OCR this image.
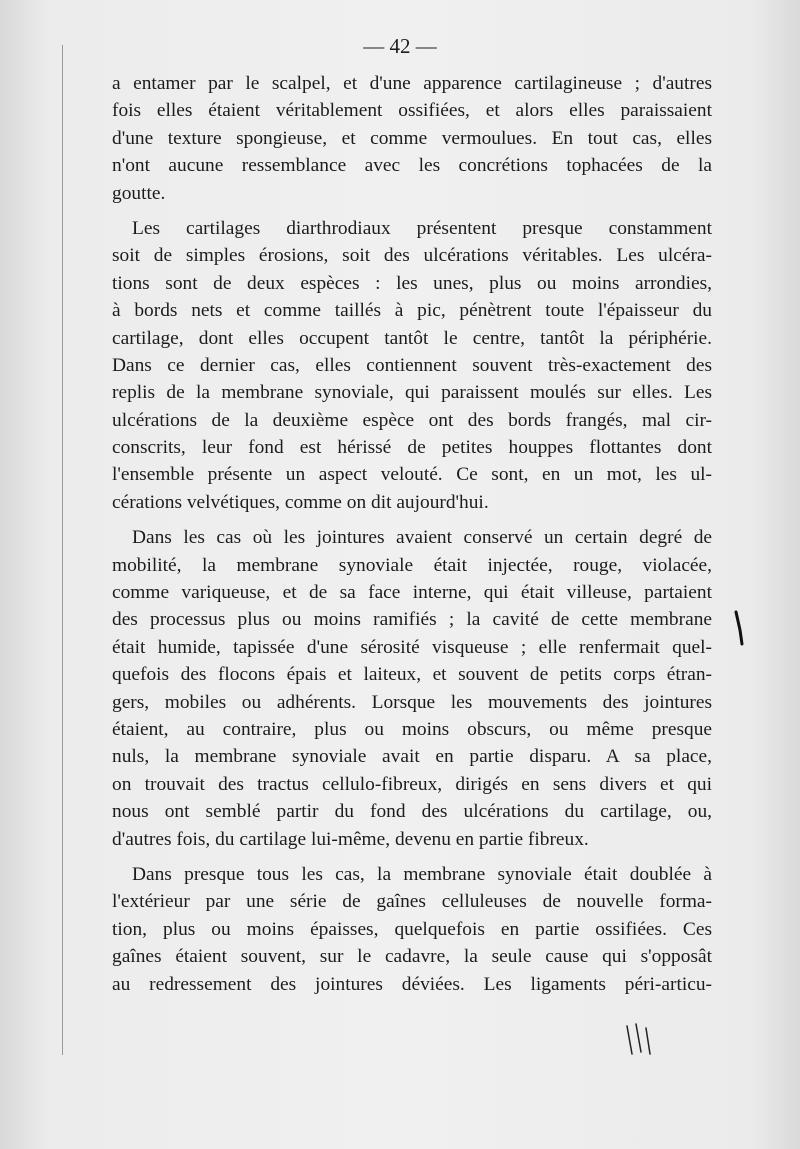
— 42 —
a entamer par le scalpel, et d'une apparence cartilagineuse ; d'autres
fois elles étaient véritablement ossifiées, et alors elles paraissaient
d'une texture spongieuse, et comme vermoulues. En tout cas, elles
n'ont aucune ressemblance avec les concrétions tophacées de la
goutte.
Les cartilages diarthrodiaux présentent presque constamment
soit de simples érosions, soit des ulcérations véritables. Les ulcéra-
tions sont de deux espèces : les unes, plus ou moins arrondies,
à bords nets et comme taillés à pic, pénètrent toute l'épaisseur du
cartilage, dont elles occupent tantôt le centre, tantôt la périphérie.
Dans ce dernier cas, elles contiennent souvent très-exactement des
replis de la membrane synoviale, qui paraissent moulés sur elles. Les
ulcérations de la deuxième espèce ont des bords frangés, mal cir-
conscrits, leur fond est hérissé de petites houppes flottantes dont
l'ensemble présente un aspect velouté. Ce sont, en un mot, les ul-
cérations velvétiques, comme on dit aujourd'hui.
Dans les cas où les jointures avaient conservé un certain degré de
mobilité, la membrane synoviale était injectée, rouge, violacée,
comme variqueuse, et de sa face interne, qui était villeuse, partaient
des processus plus ou moins ramifiés ; la cavité de cette membrane
était humide, tapissée d'une sérosité visqueuse ; elle renfermait quel-
quefois des flocons épais et laiteux, et souvent de petits corps étran-
gers, mobiles ou adhérents. Lorsque les mouvements des jointures
étaient, au contraire, plus ou moins obscurs, ou même presque
nuls, la membrane synoviale avait en partie disparu. A sa place,
on trouvait des tractus cellulo-fibreux, dirigés en sens divers et qui
nous ont semblé partir du fond des ulcérations du cartilage, ou,
d'autres fois, du cartilage lui-même, devenu en partie fibreux.
Dans presque tous les cas, la membrane synoviale était doublée à
l'extérieur par une série de gaînes celluleuses de nouvelle forma-
tion, plus ou moins épaisses, quelquefois en partie ossifiées. Ces
gaînes étaient souvent, sur le cadavre, la seule cause qui s'opposât
au redressement des jointures déviées. Les ligaments péri-articu-
